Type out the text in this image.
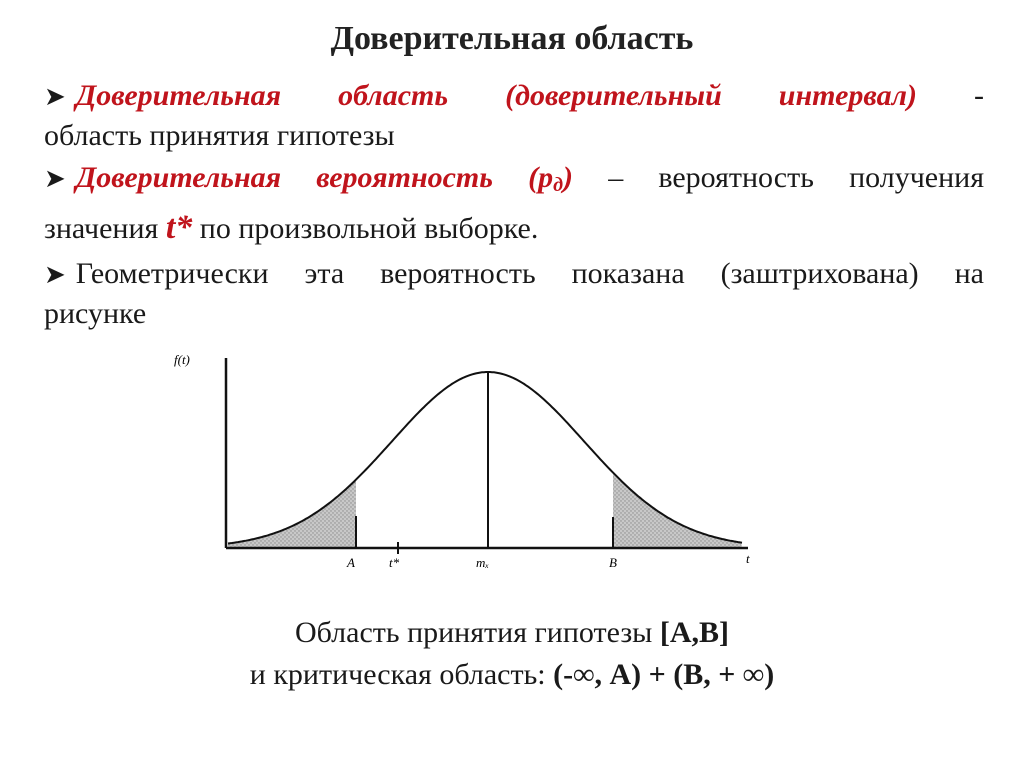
Доверительная область
➤ Доверительная область (доверительный интервал) -
область принятия гипотезы
➤ Доверительная вероятность $(р_д)$ – вероятность получения
значения t* по произвольной выборке.
➤ Геометрически эта вероятность показана (заштрихована) на
рисунке
f(t)
t
A	t*	mₓ	B
Область принятия гипотезы [A,B]
и критическая область: (-∞, A) + (B, + ∞)
